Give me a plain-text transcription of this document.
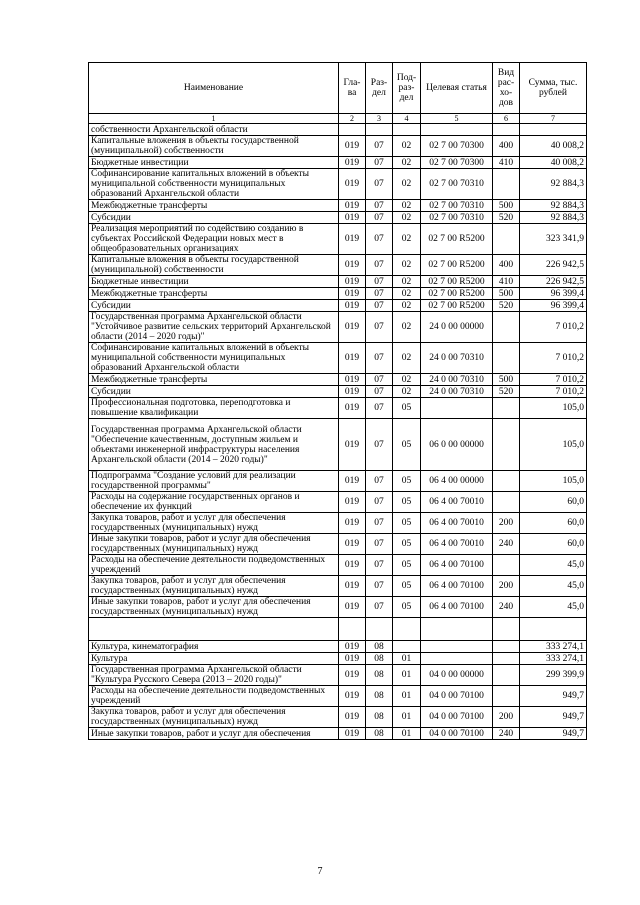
Наименование	Гла-ва	Раз-дел	Под-раз-дел	Целевая статья	Вид рас-хо-дов	Сумма, тыс. рублей
1	2	3	4	5	6	7
собственности Архангельской области						
Капитальные вложения в объекты государственной (муниципальной) собственности	019	07	02	02 7 00 70300	400	40 008,2
Бюджетные инвестиции	019	07	02	02 7 00 70300	410	40 008,2
Софинансирование капитальных вложений в объекты муниципальной собственности муниципальных образований Архангельской области	019	07	02	02 7 00 70310		92 884,3
Межбюджетные трансферты	019	07	02	02 7 00 70310	500	92 884,3
Субсидии	019	07	02	02 7 00 70310	520	92 884,3
Реализация мероприятий по содействию созданию в субъектах Российской Федерации новых мест в общеобразовательных организациях	019	07	02	02 7 00 R5200		323 341,9
Капитальные вложения в объекты государственной (муниципальной) собственности	019	07	02	02 7 00 R5200	400	226 942,5
Бюджетные инвестиции	019	07	02	02 7 00 R5200	410	226 942,5
Межбюджетные трансферты	019	07	02	02 7 00 R5200	500	96 399,4
Субсидии	019	07	02	02 7 00 R5200	520	96 399,4
Государственная программа Архангельской области "Устойчивое развитие сельских территорий Архангельской области (2014 – 2020 годы)"	019	07	02	24 0 00 00000		7 010,2
Софинансирование капитальных вложений в объекты муниципальной собственности муниципальных образований Архангельской области	019	07	02	24 0 00 70310		7 010,2
Межбюджетные трансферты	019	07	02	24 0 00 70310	500	7 010,2
Субсидии	019	07	02	24 0 00 70310	520	7 010,2
Профессиональная подготовка, переподготовка и повышение квалификации	019	07	05			105,0
Государственная программа Архангельской области "Обеспечение качественным, доступным жильем и объектами инженерной инфраструктуры населения Архангельской области (2014 – 2020 годы)"	019	07	05	06 0 00 00000		105,0
Подпрограмма "Создание условий для реализации государственной программы"	019	07	05	06 4 00 00000		105,0
Расходы на содержание государственных органов и обеспечение их функций	019	07	05	06 4 00 70010		60,0
Закупка товаров, работ и услуг для обеспечения государственных (муниципальных) нужд	019	07	05	06 4 00 70010	200	60,0
Иные закупки товаров, работ и услуг для обеспечения государственных (муниципальных) нужд	019	07	05	06 4 00 70010	240	60,0
Расходы на обеспечение деятельности подведомственных учреждений	019	07	05	06 4 00 70100		45,0
Закупка товаров, работ и услуг для обеспечения государственных (муниципальных) нужд	019	07	05	06 4 00 70100	200	45,0
Иные закупки товаров, работ и услуг для обеспечения государственных (муниципальных) нужд	019	07	05	06 4 00 70100	240	45,0

Культура, кинематография	019	08				333 274,1
Культура	019	08	01			333 274,1
Государственная программа Архангельской области "Культура Русского Севера (2013 – 2020 годы)"	019	08	01	04 0 00 00000		299 399,9
Расходы на обеспечение деятельности подведомственных учреждений	019	08	01	04 0 00 70100		949,7
Закупка товаров, работ и услуг для обеспечения государственных (муниципальных) нужд	019	08	01	04 0 00 70100	200	949,7
Иные закупки товаров, работ и услуг для обеспечения	019	08	01	04 0 00 70100	240	949,7
7
